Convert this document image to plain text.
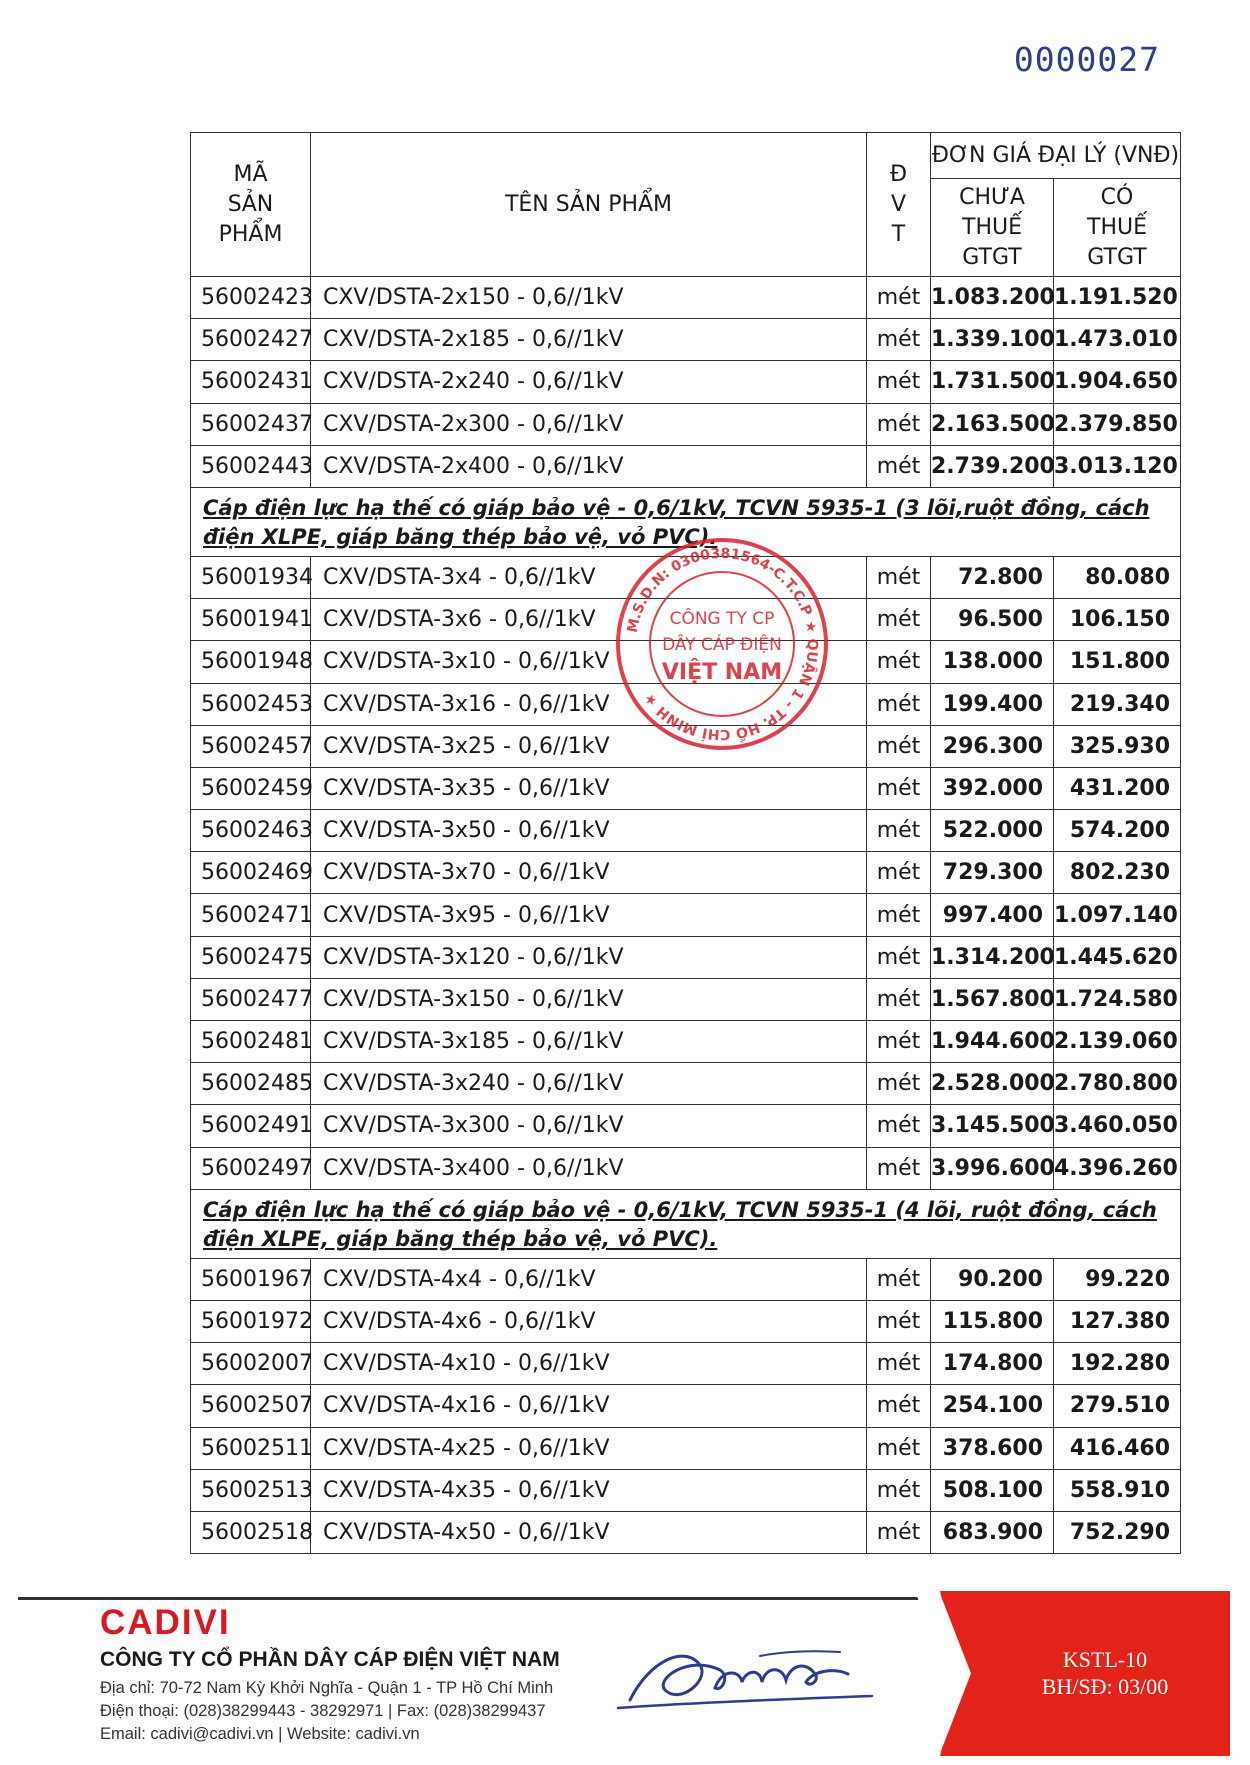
0000027
MÃ SẢN PHẨM	TÊN SẢN PHẨM	Đ V T	ĐƠN GIÁ ĐẠI LÝ (VNĐ)	

			CHƯA THUẾ GTGT	CÓ THUẾ GTGT

56002423	CXV/DSTA-2x150 - 0,6//1kV	mét	1.083.200	1.191.520
56002427	CXV/DSTA-2x185 - 0,6//1kV	mét	1.339.100	1.473.010
56002431	CXV/DSTA-2x240 - 0,6//1kV	mét	1.731.500	1.904.650
56002437	CXV/DSTA-2x300 - 0,6//1kV	mét	2.163.500	2.379.850
56002443	CXV/DSTA-2x400 - 0,6//1kV	mét	2.739.200	3.013.120
Cáp điện lực hạ thế có giáp bảo vệ - 0,6/1kV, TCVN 5935-1 (3 lõi,ruột đồng, cách điện XLPE, giáp băng thép bảo vệ, vỏ PVC).				
56001934	CXV/DSTA-3x4 - 0,6//1kV	mét	72.800	80.080
56001941	CXV/DSTA-3x6 - 0,6//1kV	mét	96.500	106.150
56001948	CXV/DSTA-3x10 - 0,6//1kV	mét	138.000	151.800
56002453	CXV/DSTA-3x16 - 0,6//1kV	mét	199.400	219.340
56002457	CXV/DSTA-3x25 - 0,6//1kV	mét	296.300	325.930
56002459	CXV/DSTA-3x35 - 0,6//1kV	mét	392.000	431.200
56002463	CXV/DSTA-3x50 - 0,6//1kV	mét	522.000	574.200
56002469	CXV/DSTA-3x70 - 0,6//1kV	mét	729.300	802.230
56002471	CXV/DSTA-3x95 - 0,6//1kV	mét	997.400	1.097.140
56002475	CXV/DSTA-3x120 - 0,6//1kV	mét	1.314.200	1.445.620
56002477	CXV/DSTA-3x150 - 0,6//1kV	mét	1.567.800	1.724.580
56002481	CXV/DSTA-3x185 - 0,6//1kV	mét	1.944.600	2.139.060
56002485	CXV/DSTA-3x240 - 0,6//1kV	mét	2.528.000	2.780.800
56002491	CXV/DSTA-3x300 - 0,6//1kV	mét	3.145.500	3.460.050
56002497	CXV/DSTA-3x400 - 0,6//1kV	mét	3.996.600	4.396.260
Cáp điện lực hạ thế có giáp bảo vệ - 0,6/1kV, TCVN 5935-1 (4 lõi, ruột đồng, cách điện XLPE, giáp băng thép bảo vệ, vỏ PVC).				
56001967	CXV/DSTA-4x4 - 0,6//1kV	mét	90.200	99.220
56001972	CXV/DSTA-4x6 - 0,6//1kV	mét	115.800	127.380
56002007	CXV/DSTA-4x10 - 0,6//1kV	mét	174.800	192.280
56002507	CXV/DSTA-4x16 - 0,6//1kV	mét	254.100	279.510
56002511	CXV/DSTA-4x25 - 0,6//1kV	mét	378.600	416.460
56002513	CXV/DSTA-4x35 - 0,6//1kV	mét	508.100	558.910
56002518	CXV/DSTA-4x50 - 0,6//1kV	mét	683.900	752.290
M.S.D.N: 0300381564-C.T.C.P ★ QUẬN 1 - TP. HỒ CHÍ MINH ★
CÔNG TY CP
DÂY CÁP ĐIỆN
VIỆT NAM
CADIVI
CÔNG TY CỔ PHẦN DÂY CÁP ĐIỆN VIỆT NAM
Địa chỉ: 70-72 Nam Kỳ Khởi Nghĩa - Quận 1 - TP Hồ Chí Minh
Điện thoại: (028)38299443 - 38292971 | Fax: (028)38299437
Email: cadivi@cadivi.vn | Website: cadivi.vn
KSTL-10
BH/SĐ: 03/00
